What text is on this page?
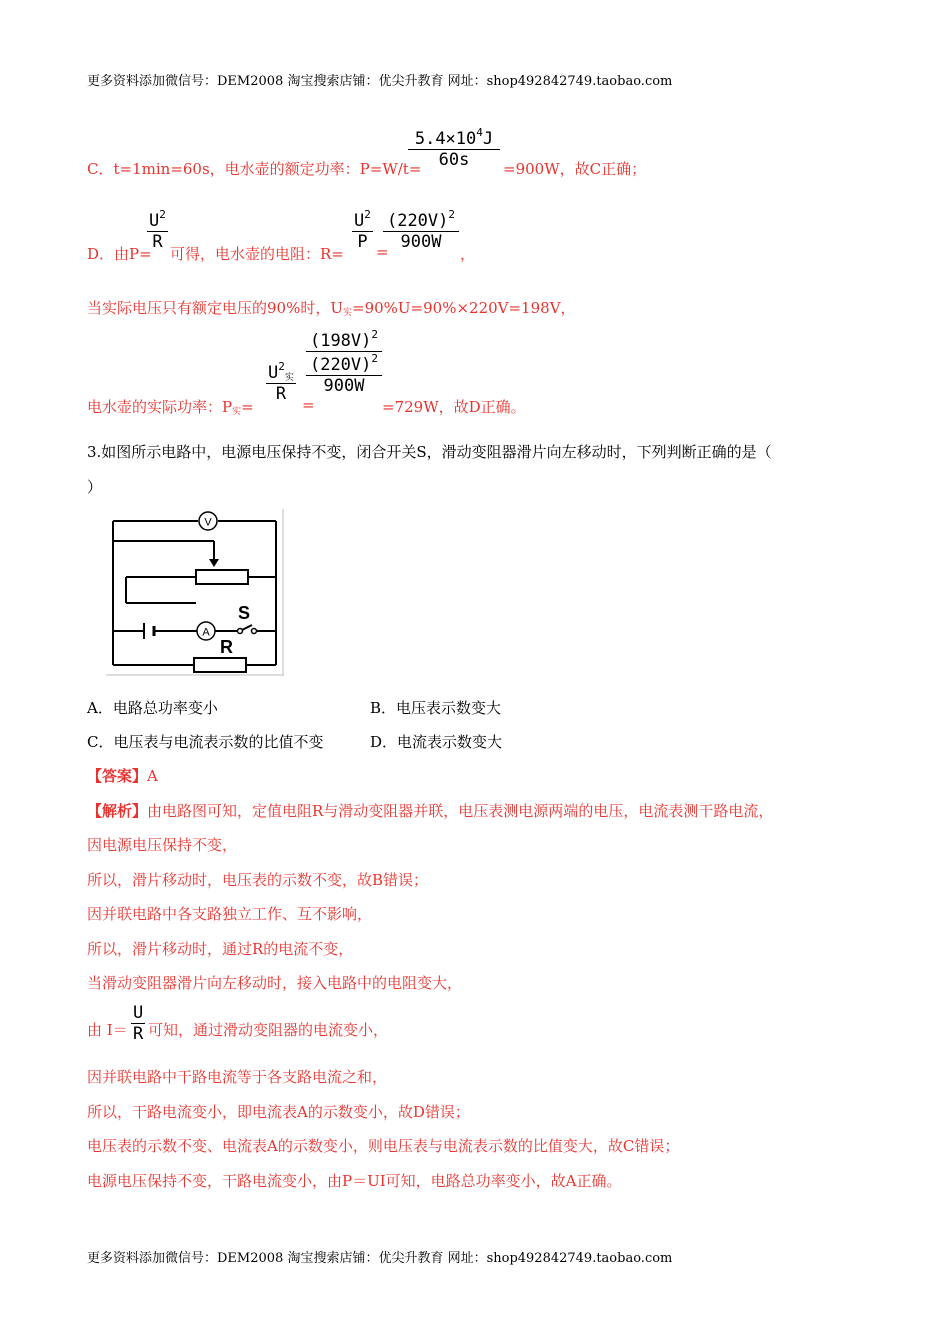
更多资料添加微信号：DEM2008 淘宝搜索店铺：优尖升教育 网址：shop492842749.taobao.com
C．t=1min=60s，电水壶的额定功率：P=W/t=
$\frac{5.4\times 10^4J}{60s} =900W$，故C正确；
D．由P=
$\frac{U^2}{R}$
可得，电水壶的电阻：R=
$\frac{U^2}{P}$ =
$\frac{(220V)^2}{900W}$
，
当实际电压只有额定电压的90%时，$U_实=90\%U=90\%\times 220V=198V$，
电水壶的实际功率：$P_实=$
$U^2_实$
R
=
$(198V)^2$
$(220V)^2$
900W
=729W，故D正确。
3.如图所示电路中，电源电压保持不变，闭合开关S，滑动变阻器滑片向左移动时，下列判断正确的是（
）
V
A
S
R
A．电路总功率变小	B．电压表示数变大
C．电压表与电流表示数的比值不变	D．电流表示数变大
【答案】A
【解析】由电路图可知，定值电阻R与滑动变阻器并联，电压表测电源两端的电压，电流表测干路电流，
因电源电压保持不变，
所以，滑片移动时，电压表的示数不变，故B错误；
因并联电路中各支路独立工作、互不影响，
所以，滑片移动时，通过R的电流不变，
当滑动变阻器滑片向左移动时，接入电路中的电阻变大，
由 $I= \frac{U}{R}$ 可知，通过滑动变阻器的电流变小，
因并联电路中干路电流等于各支路电流之和，
所以，干路电流变小，即电流表A的示数变小，故D错误；
电压表的示数不变、电流表A的示数变小，则电压表与电流表示数的比值变大，故C错误；
电源电压保持不变，干路电流变小，由P＝UI可知，电路总功率变小，故A正确。
更多资料添加微信号：DEM2008 淘宝搜索店铺：优尖升教育 网址：shop492842749.taobao.com
